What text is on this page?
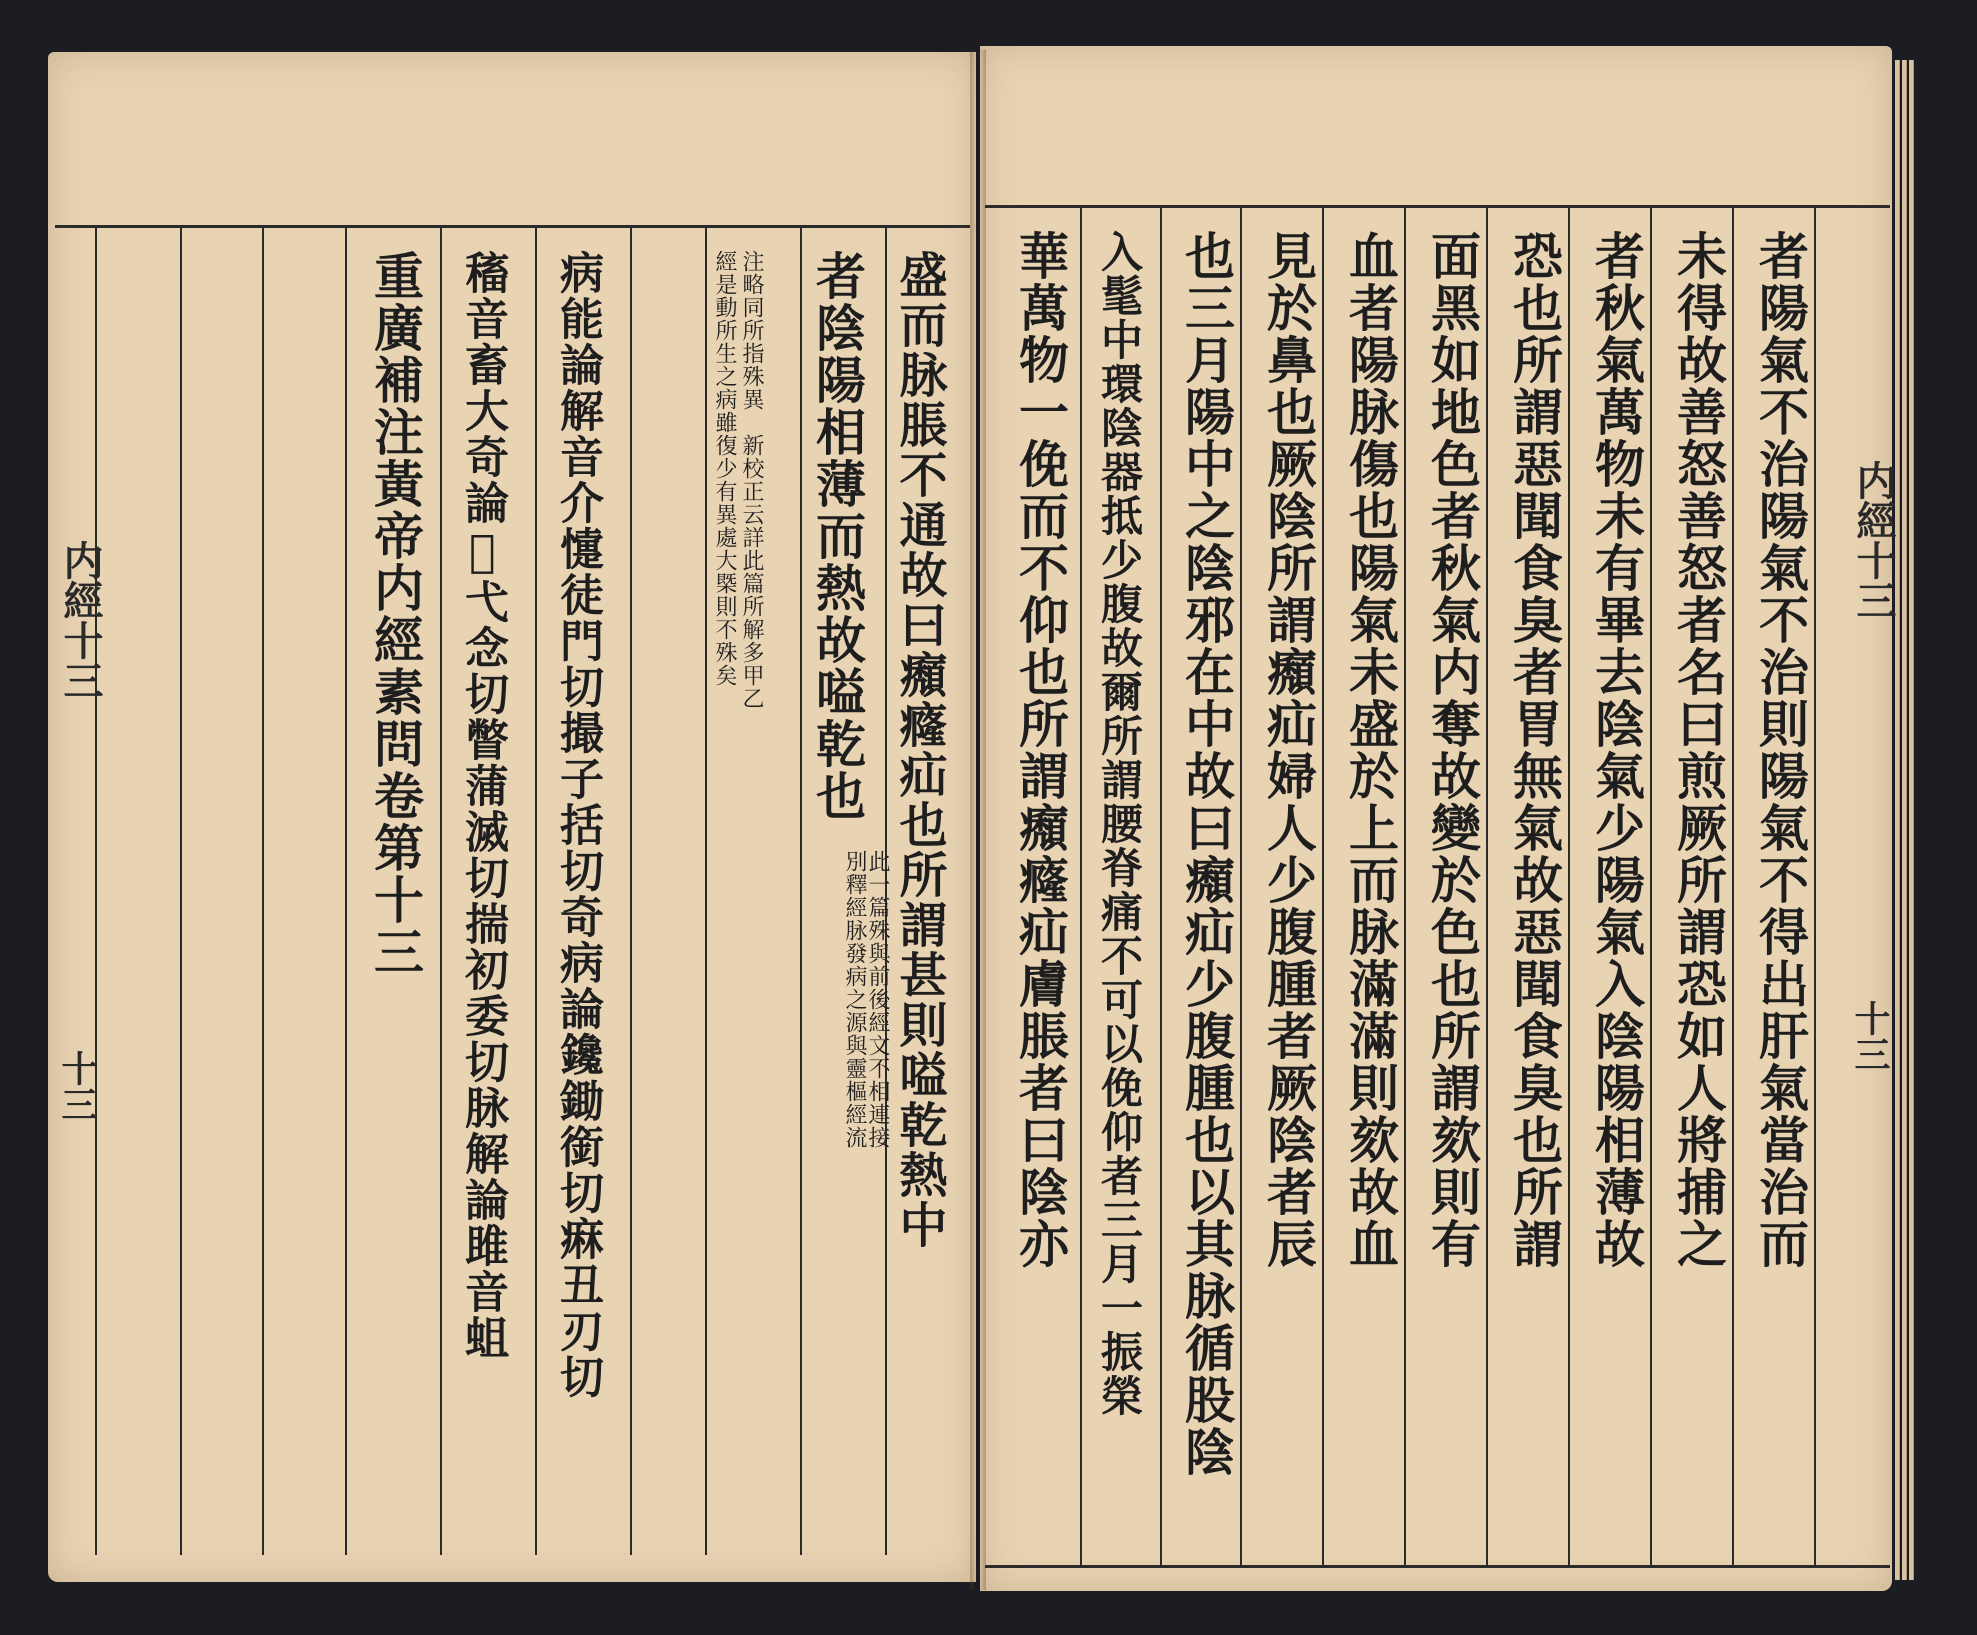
内經十三
十三
重廣補注黃帝内經素問卷第十三 稸音畜大奇論𨲖弋念切瞥蒲滅切揣初委切脉解論雎音蛆 病能論解音介懥徒門切撮子括切奇病論鑱鋤銜切痳丑刃切	經是動所生之病雖復少有異處大槩則不殊矣 注略同所指殊異　新校正云詳此篇所解多甲乙 者陰陽相薄而熱故嗌乾也
別釋經脉發病之源與靈樞經流
此一篇殊與前後經文不相連接 盛而脉脹不通故曰㿗癃疝也所謂甚則嗌乾熱中	内經十三
十三
者陽氣不治陽氣不治則陽氣不得出肝氣當治而
未得故善怒善怒者名曰煎厥所謂恐如人將捕之
者秋氣萬物未有畢去陰氣少陽氣入陰陽相薄故
恐也所謂惡聞食臭者胃無氣故惡聞食臭也所謂
面黑如地色者秋氣内奪故變於色也所謂欬則有
血者陽脉傷也陽氣未盛於上而脉滿滿則欬故血
見於鼻也厥陰所謂㿗疝婦人少腹腫者厥陰者辰
也三月陽中之陰邪在中故曰㿗疝少腹腫也以其脉循股陰
入髦中環陰器抵少腹故爾所謂腰脊痛不可以俛仰者三月一振榮
華萬物一俛而不仰也所謂㿗癃疝膚脹者曰陰亦
